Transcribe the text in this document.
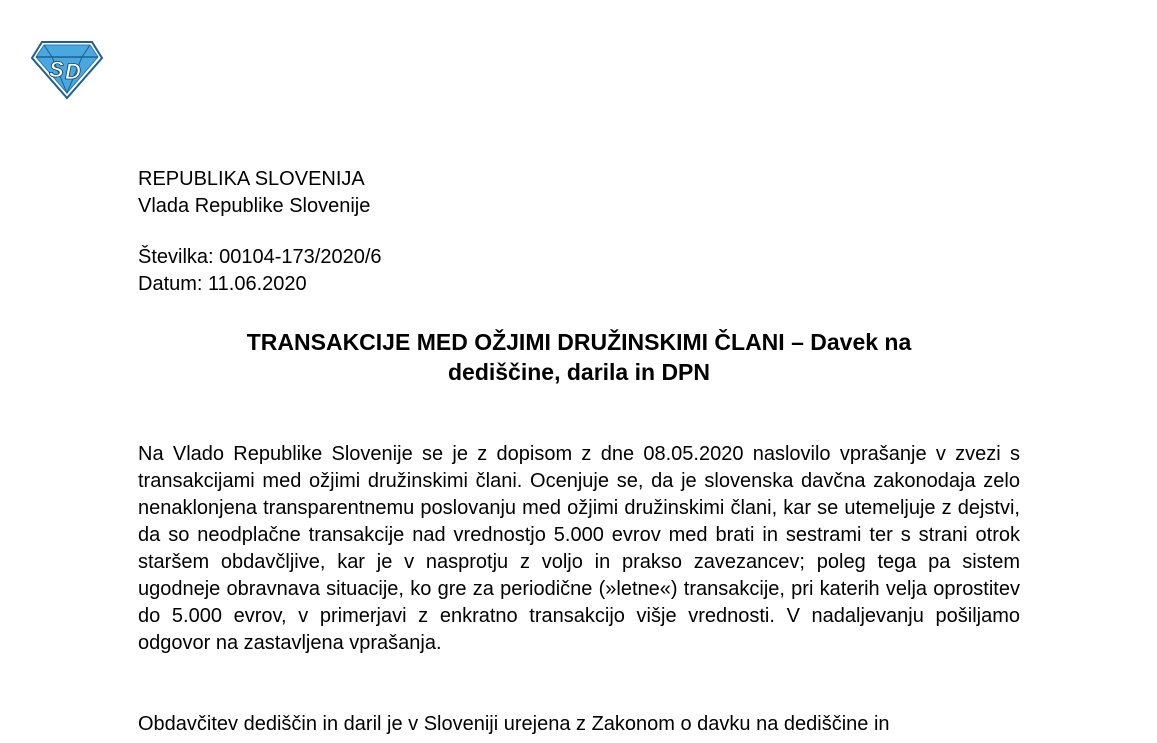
S D
REPUBLIKA SLOVENIJA
Vlada Republike Slovenije
Številka: 00104-173/2020/6
Datum: 11.06.2020
TRANSAKCIJE MED OŽJIMI DRUŽINSKIMI ČLANI – Davek na
dediščine, darila in DPN

Na Vlado Republike Slovenije se je z dopisom z dne 08.05.2020 naslovilo vprašanje v zvezi s transakcijami med ožjimi družinskimi člani. Ocenjuje se, da je slovenska davčna zakonodaja zelo nenaklonjena transparentnemu poslovanju med ožjimi družinskimi člani, kar se utemeljuje z dejstvi, da so neodplačne transakcije nad vrednostjo 5.000 evrov med brati in sestrami ter s strani otrok staršem obdavčljive, kar je v nasprotju z voljo in prakso zavezancev; poleg tega pa sistem ugodneje obravnava situacije, ko gre za periodične (»letne«) transakcije, pri katerih velja oprostitev do 5.000 evrov, v primerjavi z enkratno transakcijo višje vrednosti. V nadaljevanju pošiljamo odgovor na zastavljena vprašanja.

Obdavčitev dediščin in daril je v Sloveniji urejena z Zakonom o davku na dediščine in
